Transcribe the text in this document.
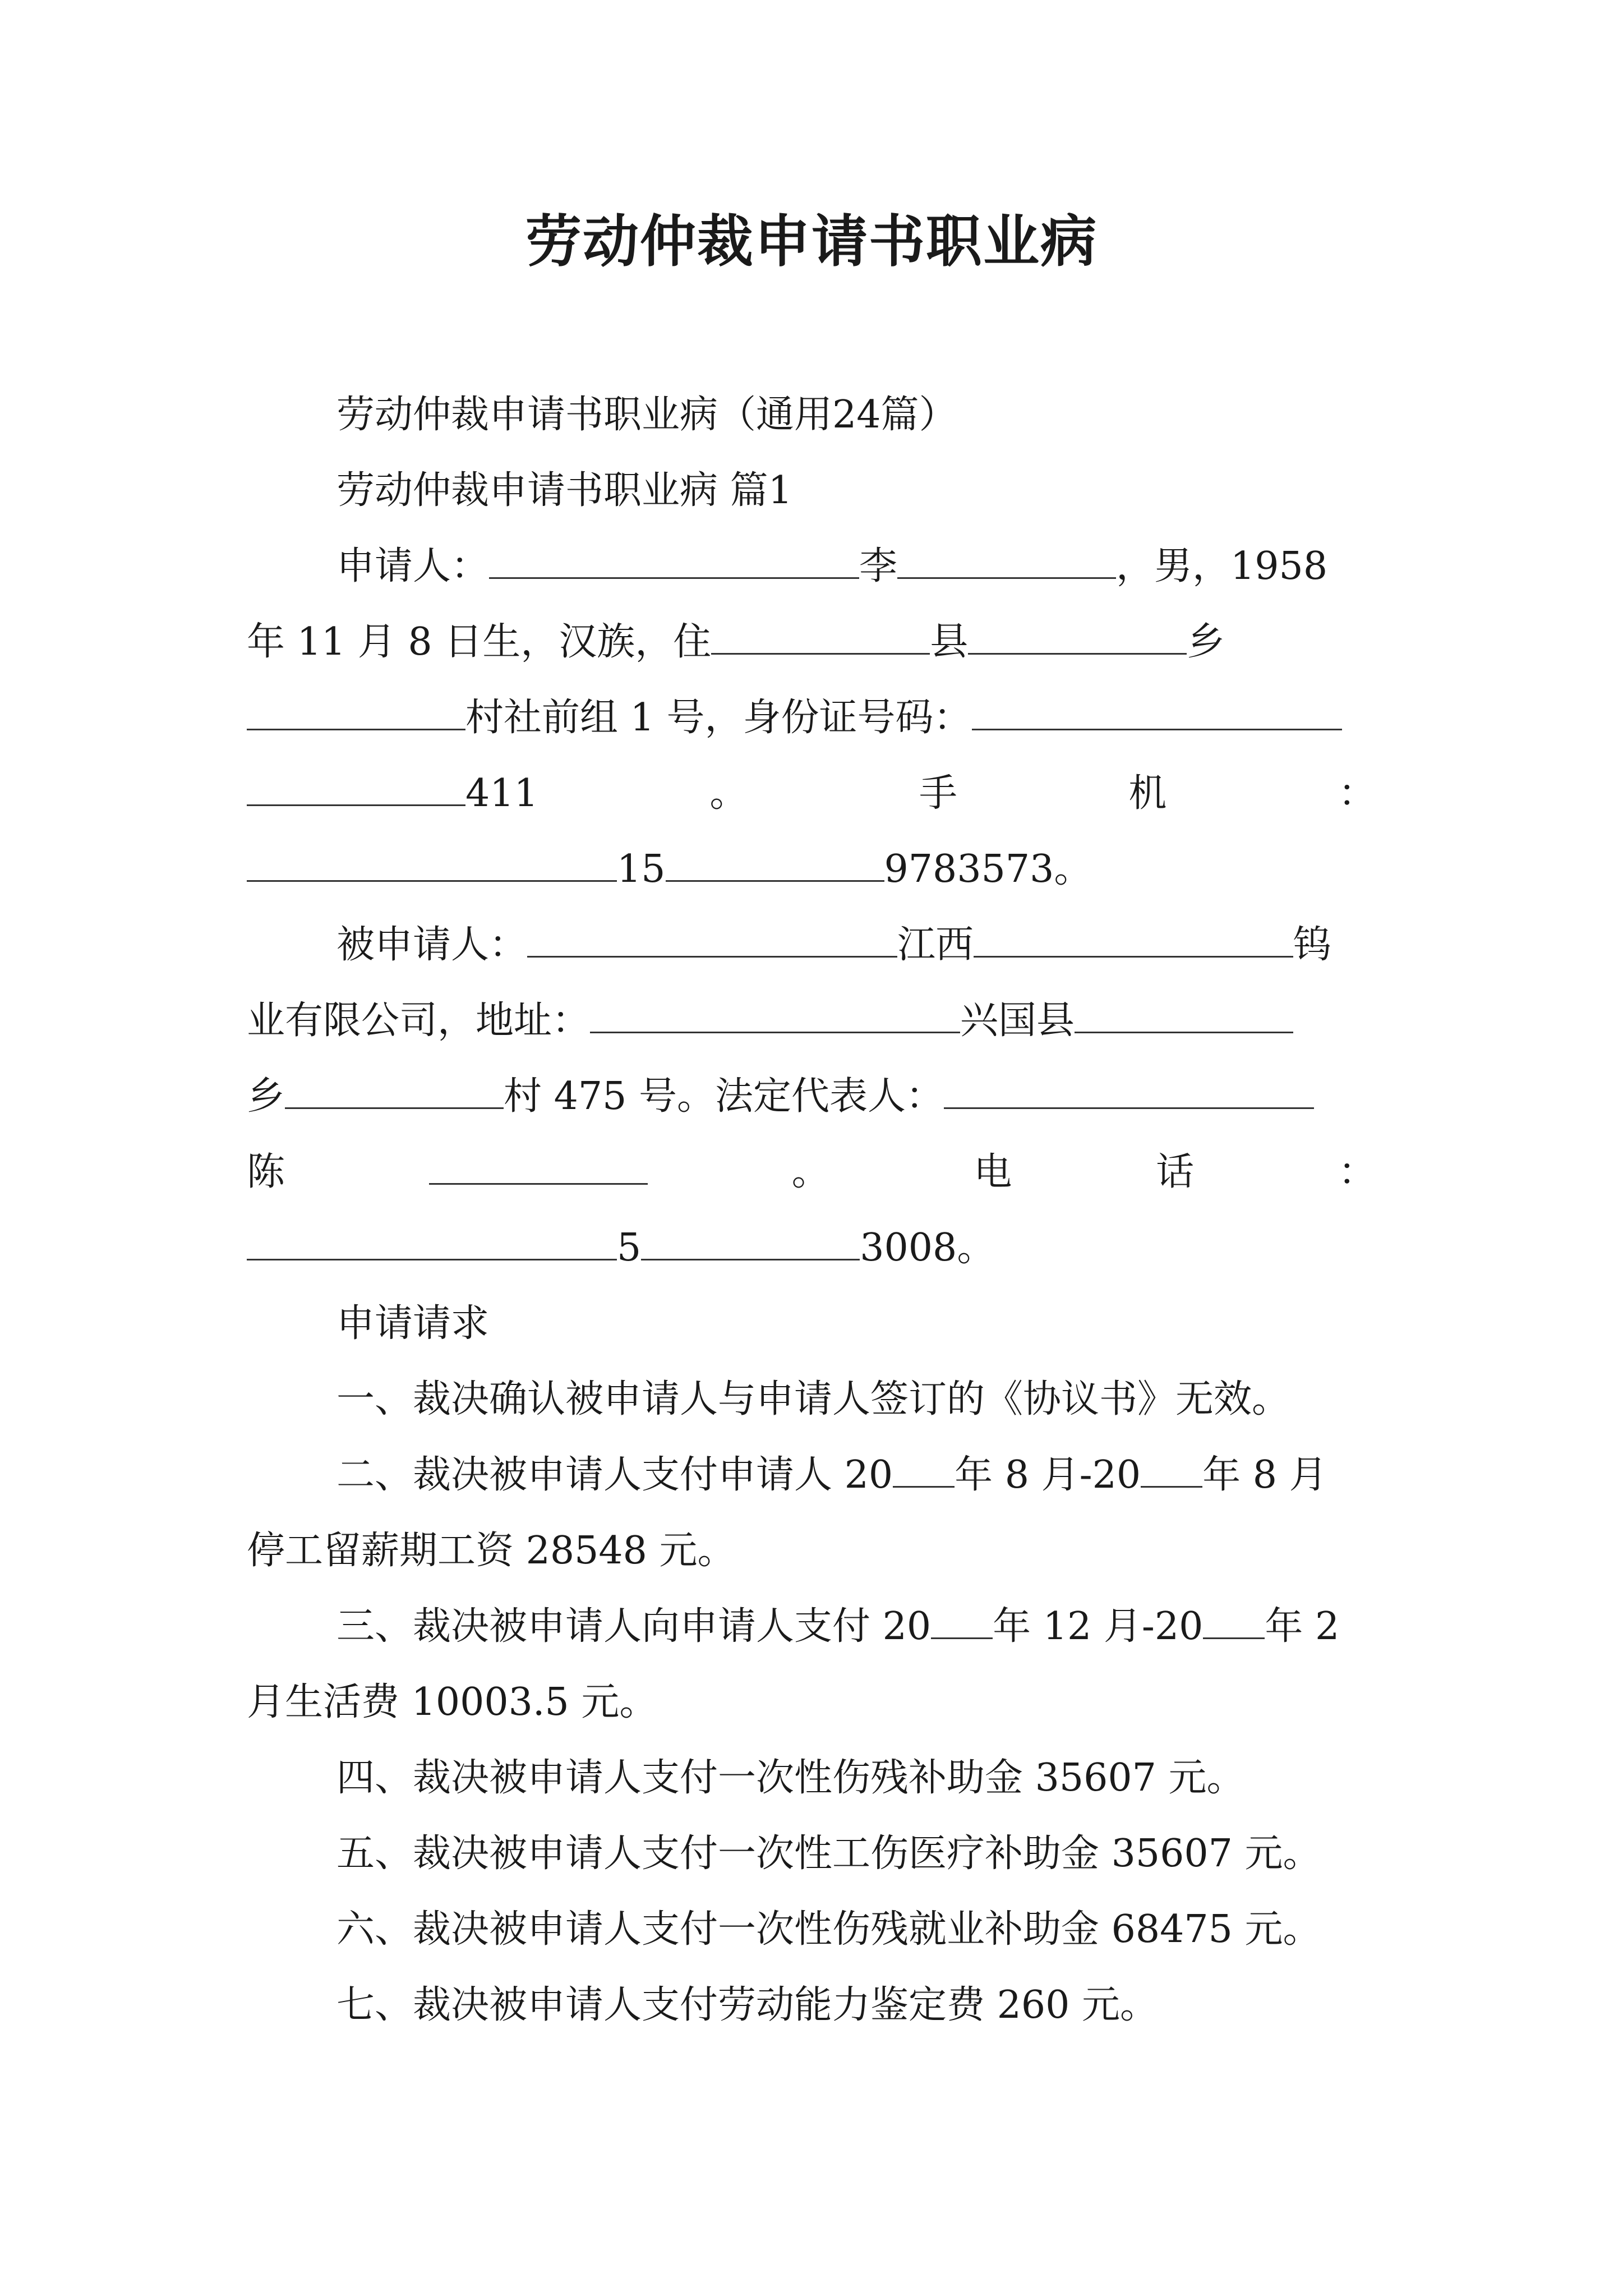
劳动仲裁申请书职业病
劳动仲裁申请书职业病（通用24篇）
劳动仲裁申请书职业病 篇1
申请人：	李	，男，1958
年 11 月 8 日生，汉族，住	县	乡
村社前组 1 号，身份证号码：
411	。	手	机	：
15	9783573。
被申请人：	江西	钨
业有限公司，地址：	兴国县
乡	村 475 号。法定代表人：
陈	。	电	话	：
5	3008。
申请请求
一、裁决确认被申请人与申请人签订的《协议书》无效。
二、裁决被申请人支付申请人 20 年 8 月-20 年 8 月
停工留薪期工资 28548 元。
三、裁决被申请人向申请人支付 20 年 12 月-20 年 2
月生活费 10003.5 元。
四、裁决被申请人支付一次性伤残补助金 35607 元。
五、裁决被申请人支付一次性工伤医疗补助金 35607 元。
六、裁决被申请人支付一次性伤残就业补助金 68475 元。
七、裁决被申请人支付劳动能力鉴定费 260 元。
